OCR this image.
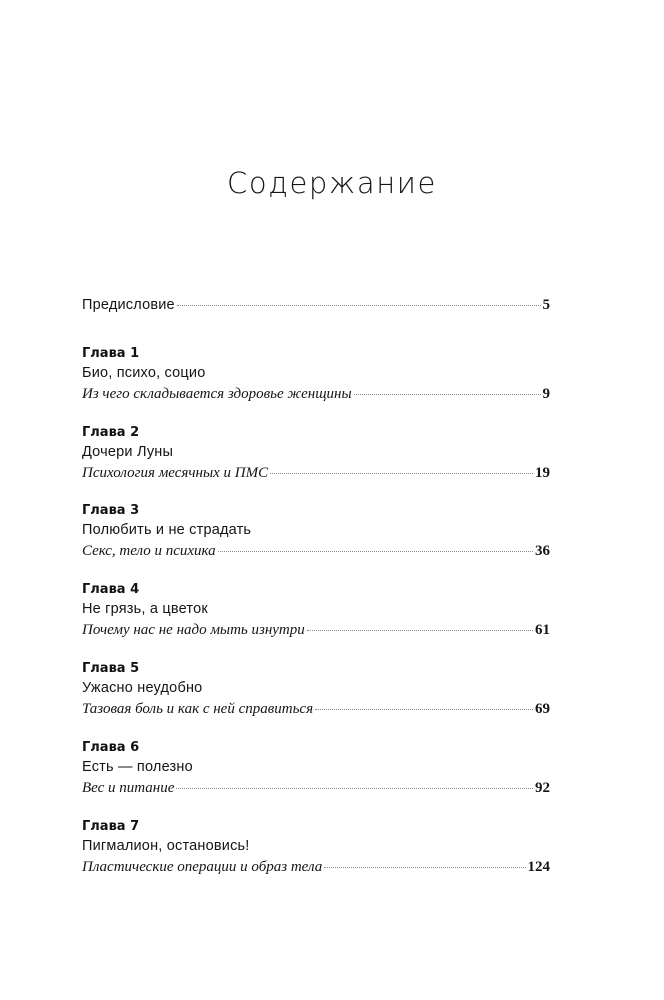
Содержание
Предисловие	5
Глава 1
Био, психо, социо
Из чего складывается здоровье женщины	9
Глава 2
Дочери Луны
Психология месячных и ПМС	19
Глава 3
Полюбить и не страдать
Секс, тело и психика	36
Глава 4
Не грязь, а цветок
Почему нас не надо мыть изнутри	61
Глава 5
Ужасно неудобно
Тазовая боль и как с ней справиться	69
Глава 6
Есть — полезно
Вес и питание	92
Глава 7
Пигмалион, остановись!
Пластические операции и образ тела	124
